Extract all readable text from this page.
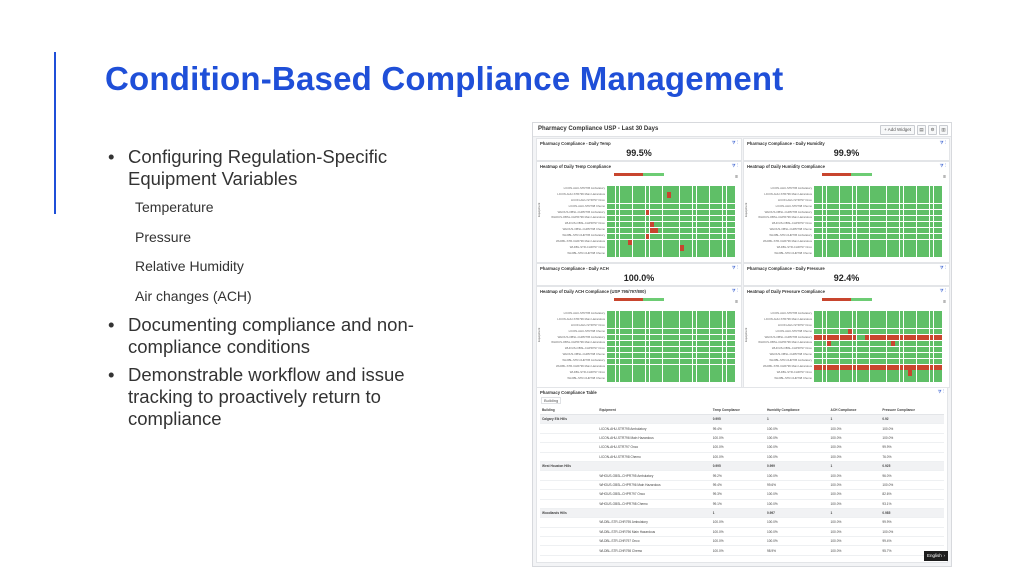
Condition-Based Compliance Management
• Configuring Regulation-Specific Equipment Variables
Temperature
Pressure
Relative Humidity
Air changes (ACH)
• Documenting compliance and non-compliance conditions
• Demonstrable workflow and issue tracking to proactively return to compliance
Pharmacy Compliance USP - Last 30 Days	+ Add Widget	▤	⚙	▥
Pharmacy Compliance - Daily Temp	⧩ ⋮
99.5%
Pharmacy Compliance - Daily Humidity	⧩ ⋮
99.9%
Heatmap of Daily Temp Compliance	⧩ ⋮
≡
LICON-AHU-STR795 Ambulatory
LICON-AHU-STR796 Main Hazardous
LICON-AHU-STR797 Onco
LICON-AHU-STR798 Chemo
WHOUS-OBSL-CHPR795 Ambulatory
WHOUS-OBSL-CHPR796 Main Hazardous
WHOUS-OBSL-CHPR797 Onco
WHOUS-OBSL-CHPR798 Chemo
WLDBL-STR-CHR795 Ambulatory
WLDBL-STR-CHR796 Main Hazardous
WLDBL-STR-CHR797 Onco
WLDBL-STR-CHR798 Chemo
Equipment
Heatmap of Daily Humidity Compliance	⧩ ⋮
≡
LICON-AHU-STR795 Ambulatory
LICON-AHU-STR796 Main Hazardous
LICON-AHU-STR797 Onco
LICON-AHU-STR798 Chemo
WHOUS-OBSL-CHPR795 Ambulatory
WHOUS-OBSL-CHPR796 Main Hazardous
WHOUS-OBSL-CHPR797 Onco
WHOUS-OBSL-CHPR798 Chemo
WLDBL-STR-CHR795 Ambulatory
WLDBL-STR-CHR796 Main Hazardous
WLDBL-STR-CHR797 Onco
WLDBL-STR-CHR798 Chemo
Equipment
Pharmacy Compliance - Daily ACH	⧩ ⋮
100.0%
Pharmacy Compliance - Daily Pressure	⧩ ⋮
92.4%
Heatmap of Daily ACH Compliance (USP 795/797/800)	⧩ ⋮
≡
LICON-AHU-STR795 Ambulatory
LICON-AHU-STR796 Main Hazardous
LICON-AHU-STR797 Onco
LICON-AHU-STR798 Chemo
WHOUS-OBSL-CHPR795 Ambulatory
WHOUS-OBSL-CHPR796 Main Hazardous
WHOUS-OBSL-CHPR797 Onco
WHOUS-OBSL-CHPR798 Chemo
WLDBL-STR-CHR795 Ambulatory
WLDBL-STR-CHR796 Main Hazardous
WLDBL-STR-CHR797 Onco
WLDBL-STR-CHR798 Chemo
Equipment
Heatmap of Daily Pressure Compliance	⧩ ⋮
≡
LICON-AHU-STR795 Ambulatory
LICON-AHU-STR796 Main Hazardous
LICON-AHU-STR797 Onco
LICON-AHU-STR798 Chemo
WHOUS-OBSL-CHPR795 Ambulatory
WHOUS-OBSL-CHPR796 Main Hazardous
WHOUS-OBSL-CHPR797 Onco
WHOUS-OBSL-CHPR798 Chemo
WLDBL-STR-CHR795 Ambulatory
WLDBL-STR-CHR796 Main Hazardous
WLDBL-STR-CHR797 Onco
WLDBL-STR-CHR798 Chemo
Equipment
Pharmacy Compliance Table	⧩ ⋮
Building
Building	Equipment	Temp Compliance	Humidity Compliance	ACH Compliance	Pressure Compliance
Calgary Elk Hills		0.995	1	1	0.92
	LICON-AHU-STR795 Ambulatory	99.4%	100.0%	100.0%	100.0%
	LICON-AHU-STR796 Main Hazardous	100.0%	100.0%	100.0%	100.0%
	LICON-AHU-STR797 Onco	100.0%	100.0%	100.0%	99.9%
	LICON-AHU-STR798 Chemo	100.0%	100.0%	100.0%	76.0%
West Houston Hills		0.995	0.999	1	0.925
	WHOUS-OBSL-CHPR795 Ambulatory	99.2%	100.0%	100.0%	96.0%
	WHOUS-OBSL-CHPR796 Main Hazardous	99.4%	99.6%	100.0%	100.0%
	WHOUS-OBSL-CHPR797 Onco	99.3%	100.0%	100.0%	82.6%
	WHOUS-OBSL-CHPR798 Chemo	99.1%	100.0%	100.0%	93.1%
Woodlands Hills		1	0.997	1	0.985
	WLDBL-STR-CHR795 Ambulatory	100.0%	100.0%	100.0%	99.9%
	WLDBL-STR-CHR796 Main Hazardous	100.0%	100.0%	100.0%	100.0%
	WLDBL-STR-CHR797 Onco	100.0%	100.0%	100.0%	99.4%
	WLDBL-STR-CHR798 Chemo	100.0%	98.9%	100.0%	95.7%
English ›
